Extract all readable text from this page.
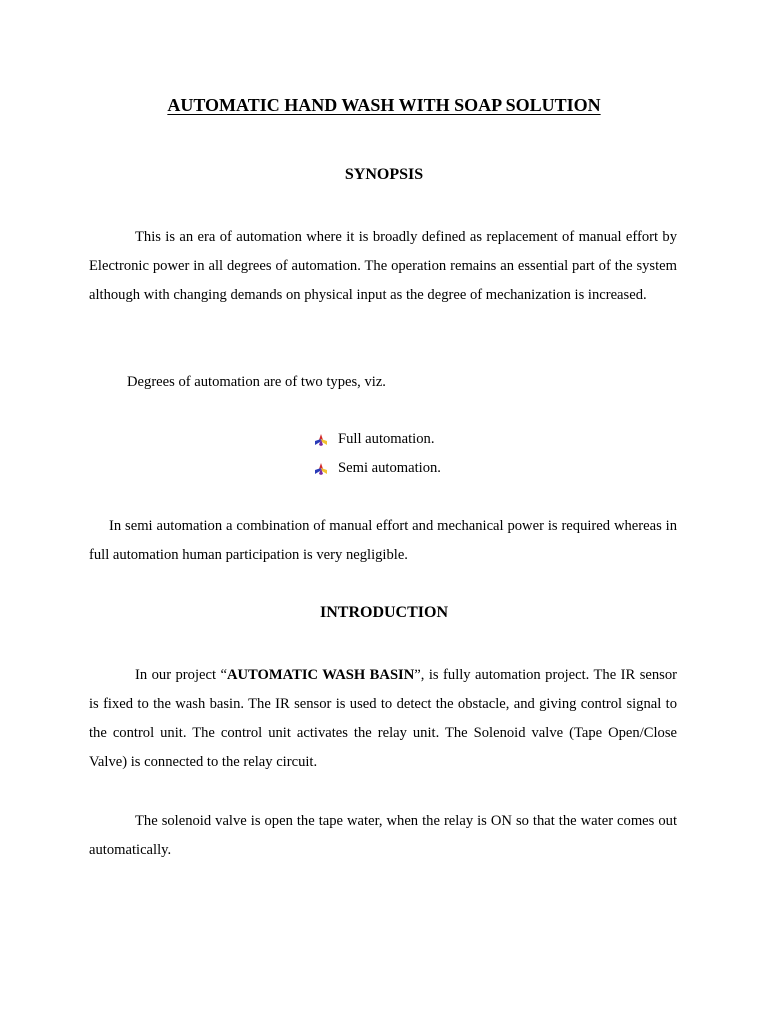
AUTOMATIC HAND WASH WITH SOAP SOLUTION
SYNOPSIS

This is an era of automation where it is broadly defined as replacement of manual effort by Electronic power in all degrees of automation. The operation remains an essential part of the system although with changing demands on physical input as the degree of mechanization is increased.

Degrees of automation are of two types, viz.

Full automation.
Semi automation.

In semi automation a combination of manual effort and mechanical power is required whereas in full automation human participation is very negligible.

INTRODUCTION

In our project “AUTOMATIC WASH BASIN”, is fully automation project. The IR sensor is fixed to the wash basin. The IR sensor is used to detect the obstacle, and giving control signal to the control unit. The control unit activates the relay unit. The Solenoid valve (Tape Open/Close Valve) is connected to the relay circuit.

The solenoid valve is open the tape water, when the relay is ON so that the water comes out automatically.
